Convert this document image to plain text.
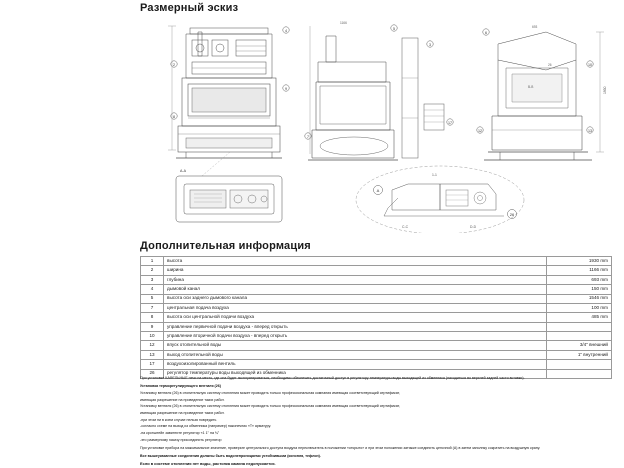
Размерный эскиз
2
8
4
9
A-A
5
3
7
17
1930
6
10
13
12
B-B
26
A
26
C-C	D-D
1-1
1166
693
Дополнительная информация
1	высота	1930 mm
2	ширина	1166 mm
3	глубина	693 mm
4	дымовой канал	150 mm
5	высота оси заднего дымового канала	1546 mm
7	центральная подача воздуха	100 mm
8	высота оси центральной подачи воздуха	485 mm
9	управление первичной подачи воздуха - вперед открыть	
10	управление вторичной подачи воздуха - вперед открыть	
12	впуск отопительной воды	3/4" внешний
13	выход отопительной воды	1" внутренний
17	воздухоизолированный вентиль	
26	регулятор температуры воды выходящей из обменника	

При установке КАФЕЛЬНЫЕ печи на место, где она будет эксплуатироваться, необходимо обеспечить достаточный доступ в регулятору температуры воды выходящей из обменника (находиться во верхней задней части вставки).

Установка терморегулирующего вентиля (26)

Установку вентиля (26) в отопительную систему отопления может проводить только профессиональная компания имеющая соответствующий сертификат,

имеющая разрешение на проведение таких работ.

Установку вентиля (26) в отопительную систему отопления может проводить только профессиональная компания имеющая соответствующий сертификат,

имеющая разрешение на проведение таких работ.

-при этом ни в коем случае нельзя повредить

-согласно схеме на выход из обменника (например) наконечник «Т» арматуру.

-на кронштейн завинтите регулятор «1 1" на ¾"

-это размерному эскизу присоединить регулятор

При установке прибора на максимальное значение, проверьте центрального доступа воздуха переключатель в положении «открыто» и при этом положении затяжке соединить цепочной (А) в затем заполнку сократить на воздушную крану.

Все вышеуказанные соединения должны быть водонепроницаемо устойчивыми (конопля, тефлон).

Если в системе отопления нет воды, растопка камина недопускается.
